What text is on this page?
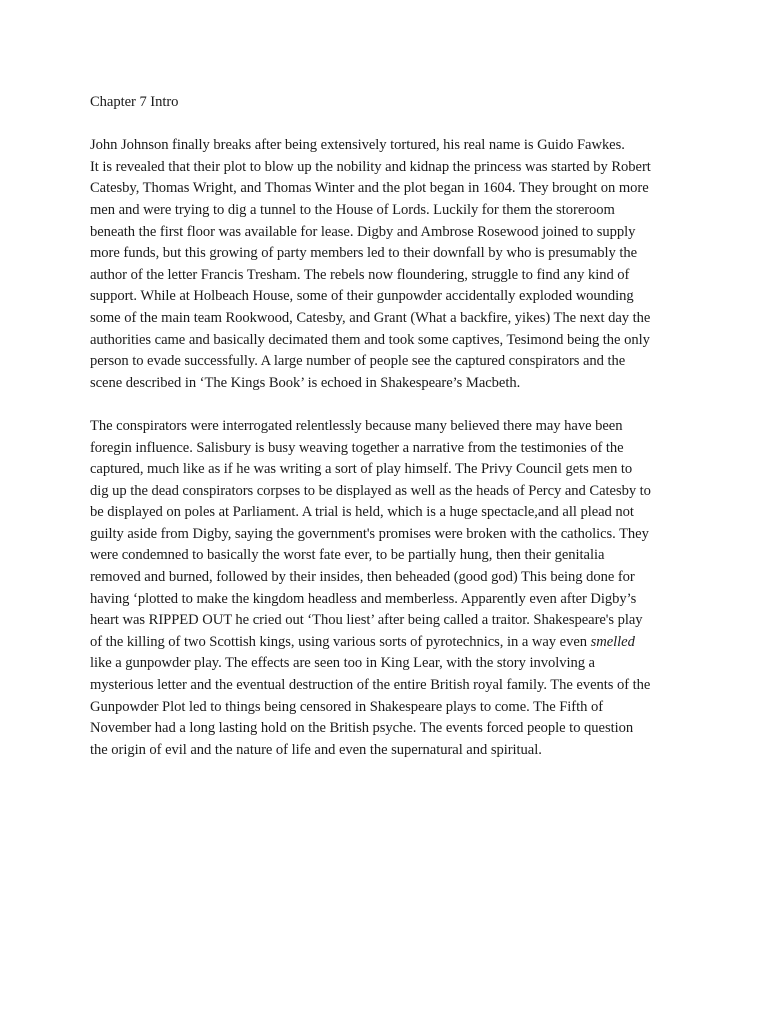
Chapter 7 Intro
John Johnson finally breaks after being extensively tortured, his real name is Guido Fawkes.
It is revealed that their plot to blow up the nobility and kidnap the princess was started by Robert
Catesby, Thomas Wright, and Thomas Winter and the plot began in 1604. They brought on more
men and were trying to dig a tunnel to the House of Lords. Luckily for them the storeroom
beneath the first floor was available for lease. Digby and Ambrose Rosewood joined to supply
more funds, but this growing of party members led to their downfall by who is presumably the
author of the letter Francis Tresham. The rebels now floundering, struggle to find any kind of
support. While at Holbeach House, some of their gunpowder accidentally exploded wounding
some of the main team Rookwood, Catesby, and Grant (What a backfire, yikes) The next day the
authorities came and basically decimated them and took some captives, Tesimond being the only
person to evade successfully. A large number of people see the captured conspirators and the
scene described in ‘The Kings Book’ is echoed in Shakespeare’s Macbeth.
The conspirators were interrogated relentlessly because many believed there may have been
foregin influence. Salisbury is busy weaving together a narrative from the testimonies of the
captured, much like as if he was writing a sort of play himself. The Privy Council gets men to
dig up the dead conspirators corpses to be displayed as well as the heads of Percy and Catesby to
be displayed on poles at Parliament. A trial is held, which is a huge spectacle,and all plead not
guilty aside from Digby, saying the government's promises were broken with the catholics. They
were condemned to basically the worst fate ever, to be partially hung, then their genitalia
removed and burned, followed by their insides, then beheaded (good god) This being done for
having ‘plotted to make the kingdom headless and memberless. Apparently even after Digby’s
heart was RIPPED OUT he cried out ‘Thou liest’ after being called a traitor. Shakespeare's play
of the killing of two Scottish kings, using various sorts of pyrotechnics, in a way even smelled
like a gunpowder play. The effects are seen too in King Lear, with the story involving a
mysterious letter and the eventual destruction of the entire British royal family. The events of the
Gunpowder Plot led to things being censored in Shakespeare plays to come. The Fifth of
November had a long lasting hold on the British psyche. The events forced people to question
the origin of evil and the nature of life and even the supernatural and spiritual.
